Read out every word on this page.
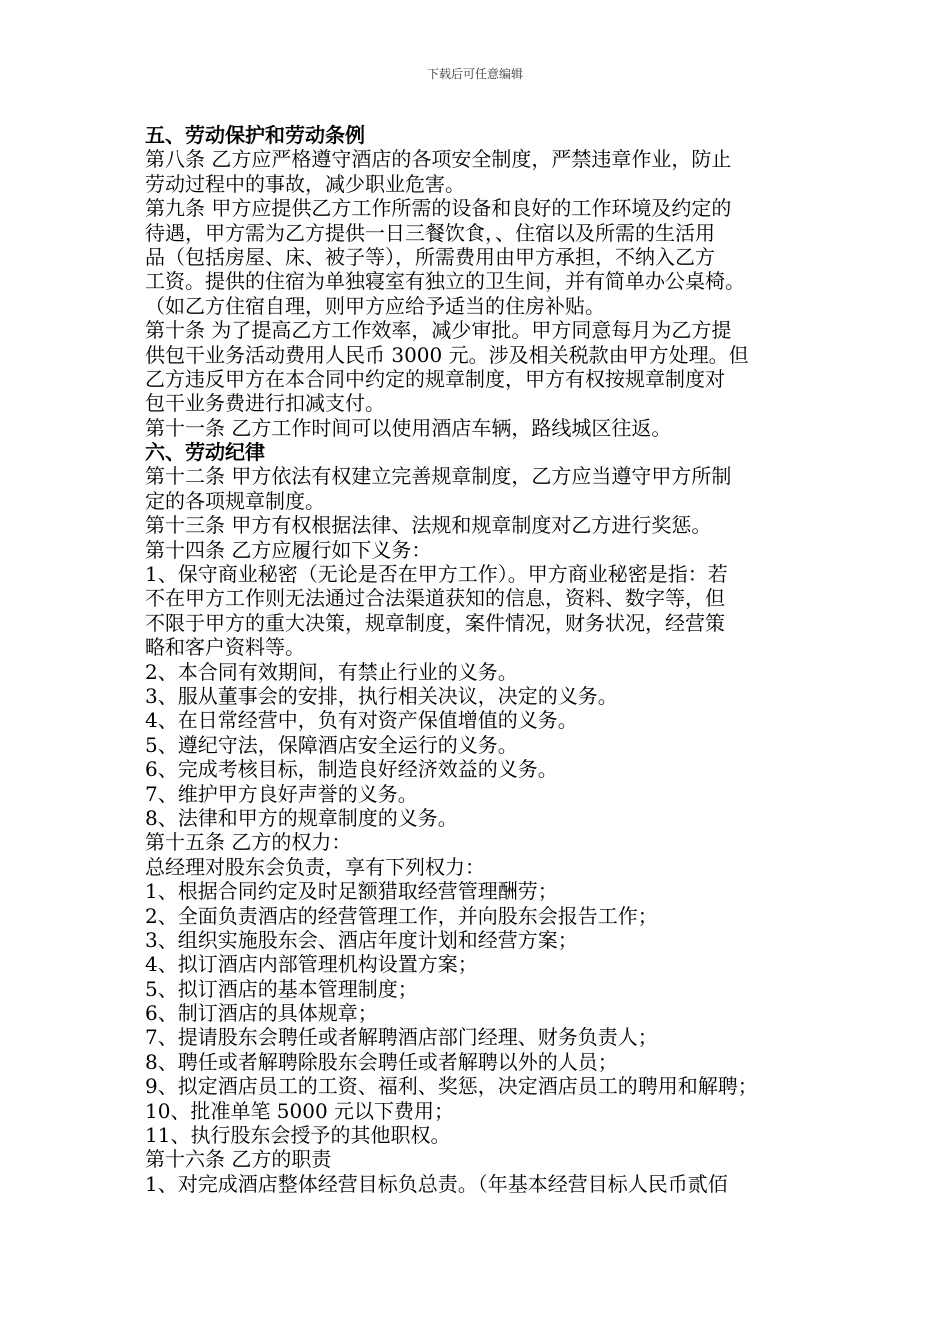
下载后可任意编辑
五、劳动保护和劳动条例
第八条 乙方应严格遵守酒店的各项安全制度，严禁违章作业，防止
劳动过程中的事故，减少职业危害。
第九条 甲方应提供乙方工作所需的设备和良好的工作环境及约定的
待遇，甲方需为乙方提供一日三餐饮食，、住宿以及所需的生活用
品（包括房屋、床、被子等），所需费用由甲方承担，不纳入乙方
工资。提供的住宿为单独寝室有独立的卫生间，并有简单办公桌椅。
（如乙方住宿自理，则甲方应给予适当的住房补贴。
第十条 为了提高乙方工作效率，减少审批。甲方同意每月为乙方提
供包干业务活动费用人民币 3000 元。涉及相关税款由甲方处理。但
乙方违反甲方在本合同中约定的规章制度，甲方有权按规章制度对
包干业务费进行扣减支付。
第十一条 乙方工作时间可以使用酒店车辆，路线城区往返。
六、劳动纪律
第十二条 甲方依法有权建立完善规章制度，乙方应当遵守甲方所制
定的各项规章制度。
第十三条 甲方有权根据法律、法规和规章制度对乙方进行奖惩。
第十四条 乙方应履行如下义务：
1、保守商业秘密（无论是否在甲方工作）。甲方商业秘密是指：若
不在甲方工作则无法通过合法渠道获知的信息，资料、数字等，但
不限于甲方的重大决策，规章制度，案件情况，财务状况，经营策
略和客户资料等。
2、本合同有效期间，有禁止行业的义务。
3、服从董事会的安排，执行相关决议，决定的义务。
4、在日常经营中，负有对资产保值增值的义务。
5、遵纪守法，保障酒店安全运行的义务。
6、完成考核目标，制造良好经济效益的义务。
7、维护甲方良好声誉的义务。
8、法律和甲方的规章制度的义务。
第十五条 乙方的权力：
总经理对股东会负责，享有下列权力：
1、根据合同约定及时足额猎取经营管理酬劳；
2、全面负责酒店的经营管理工作，并向股东会报告工作；
3、组织实施股东会、酒店年度计划和经营方案；
4、拟订酒店内部管理机构设置方案；
5、拟订酒店的基本管理制度；
6、制订酒店的具体规章；
7、提请股东会聘任或者解聘酒店部门经理、财务负责人；
8、聘任或者解聘除股东会聘任或者解聘以外的人员；
9、拟定酒店员工的工资、福利、奖惩，决定酒店员工的聘用和解聘；
10、批准单笔 5000 元以下费用；
11、执行股东会授予的其他职权。
第十六条 乙方的职责
1、对完成酒店整体经营目标负总责。（年基本经营目标人民币贰佰
